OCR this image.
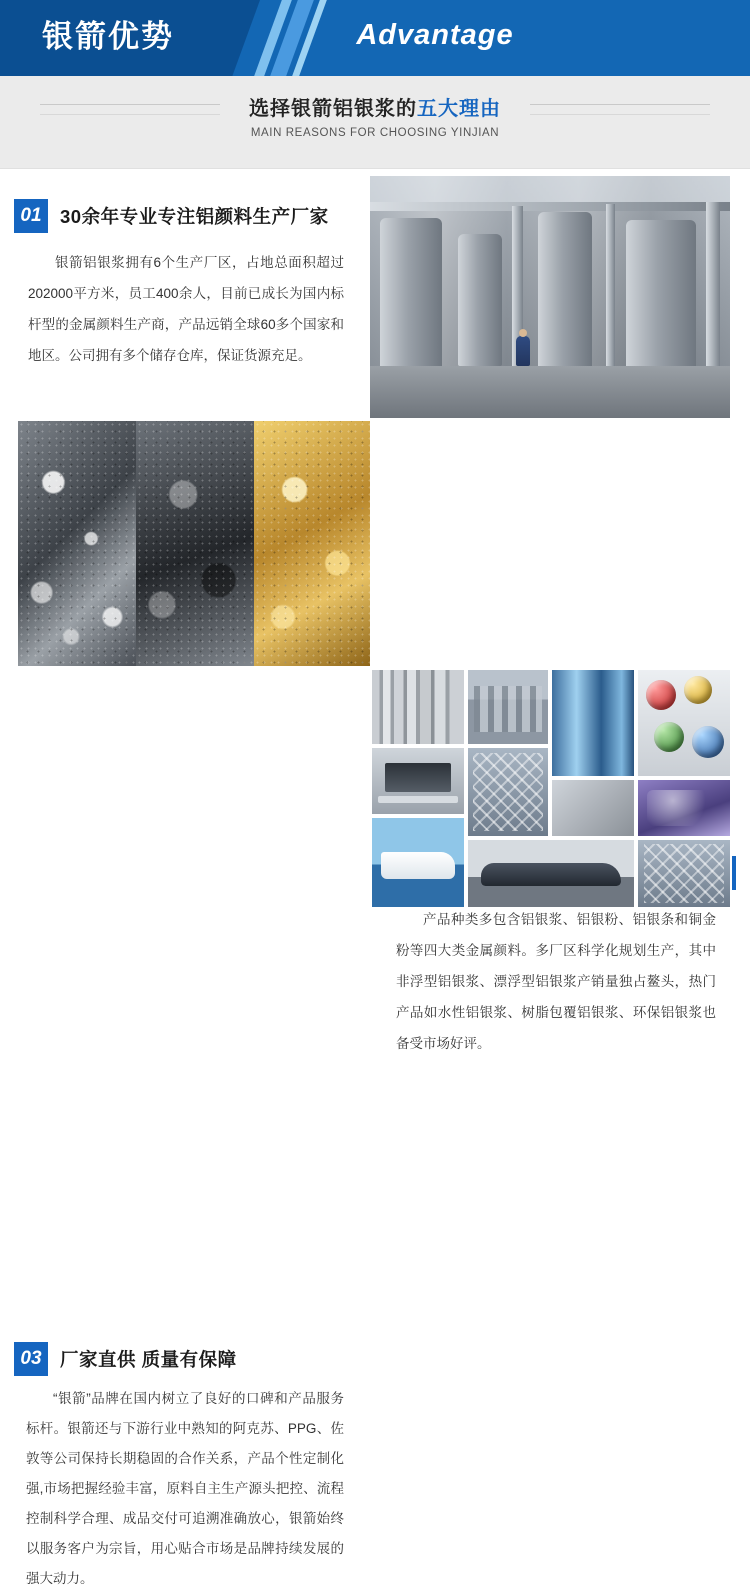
银箭优势	Advantage
选择银箭铝银浆的五大理由
MAIN REASONS FOR CHOOSING YINJIAN
01 30余年专业专注铝颜料生产厂家
银箭铝银浆拥有6个生产厂区，占地总面积超过202000平方米，员工400余人，目前已成长为国内标杆型的金属颜料生产商，产品远销全球60多个国家和地区。公司拥有多个储存仓库，保证货源充足。
产品种类多包含铝银浆、铝银粉、铝银条和铜金粉等四大类金属颜料。多厂区科学化规划生产，其中非浮型铝银浆、漂浮型铝银浆产销量独占鳌头，热门产品如水性铝银浆、树脂包覆铝银浆、环保铝银浆也备受市场好评。
03 厂家直供 质量有保障
“银箭”品牌在国内树立了良好的口碑和产品服务标杆。银箭还与下游行业中熟知的阿克苏、PPG、佐敦等公司保持长期稳固的合作关系，产品个性定制化强,市场把握经验丰富，原料自主生产源头把控、流程控制科学合理、成品交付可追溯准确放心，银箭始终以服务客户为宗旨，用心贴合市场是品牌持续发展的强大动力。
